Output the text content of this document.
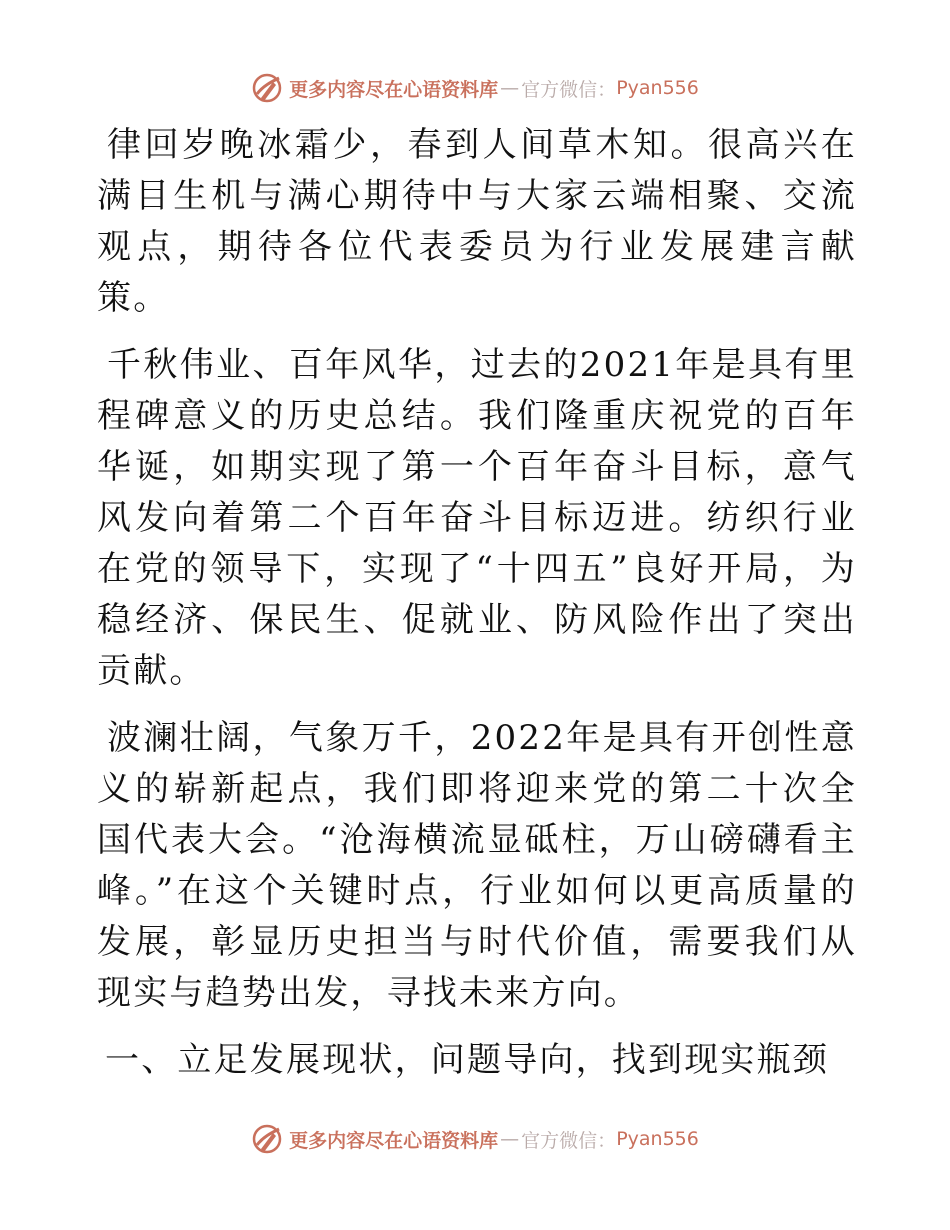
更多内容尽在心语资料库 — 官方微信： Pyan556

律回岁晚冰霜少，春到人间草木知。很高兴在满目生机与满心期待中与大家云端相聚、交流观点，期待各位代表委员为行业发展建言献策。

千秋伟业、百年风华，过去的2021年是具有里程碑意义的历史总结。我们隆重庆祝党的百年华诞，如期实现了第一个百年奋斗目标，意气风发向着第二个百年奋斗目标迈进。纺织行业在党的领导下，实现了“十四五”良好开局，为稳经济、保民生、促就业、防风险作出了突出贡献。

波澜壮阔，气象万千，2022年是具有开创性意义的崭新起点，我们即将迎来党的第二十次全国代表大会。“沧海横流显砥柱，万山磅礴看主峰。”在这个关键时点，行业如何以更高质量的发展，彰显历史担当与时代价值，需要我们从现实与趋势出发，寻找未来方向。

一、立足发展现状，问题导向，找到现实瓶颈

更多内容尽在心语资料库 — 官方微信： Pyan556
